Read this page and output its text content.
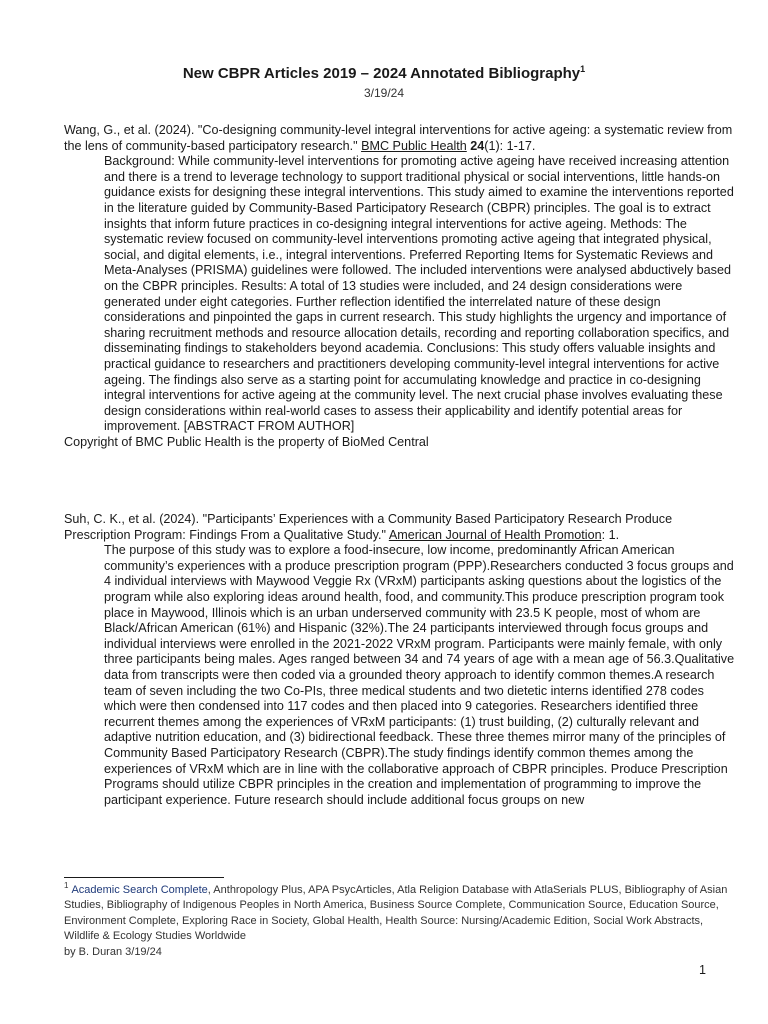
New CBPR Articles 2019 – 2024 Annotated Bibliography$^1$
3/19/24

Wang, G., et al. (2024). "Co-designing community-level integral interventions for active ageing: a systematic review from the lens of community-based participatory research." BMC Public Health 24(1): 1-17.

Background: While community-level interventions for promoting active ageing have received increasing attention and there is a trend to leverage technology to support traditional physical or social interventions, little hands-on guidance exists for designing these integral interventions. This study aimed to examine the interventions reported in the literature guided by Community-Based Participatory Research (CBPR) principles. The goal is to extract insights that inform future practices in co-designing integral interventions for active ageing. Methods: The systematic review focused on community-level interventions promoting active ageing that integrated physical, social, and digital elements, i.e., integral interventions. Preferred Reporting Items for Systematic Reviews and Meta-Analyses (PRISMA) guidelines were followed. The included interventions were analysed abductively based on the CBPR principles. Results: A total of 13 studies were included, and 24 design considerations were generated under eight categories. Further reflection identified the interrelated nature of these design considerations and pinpointed the gaps in current research. This study highlights the urgency and importance of sharing recruitment methods and resource allocation details, recording and reporting collaboration specifics, and disseminating findings to stakeholders beyond academia. Conclusions: This study offers valuable insights and practical guidance to researchers and practitioners developing community-level integral interventions for active ageing. The findings also serve as a starting point for accumulating knowledge and practice in co-designing integral interventions for active ageing at the community level. The next crucial phase involves evaluating these design considerations within real-world cases to assess their applicability and identify potential areas for improvement. [ABSTRACT FROM AUTHOR]

Copyright of BMC Public Health is the property of BioMed Central

Suh, C. K., et al. (2024). "Participants’ Experiences with a Community Based Participatory Research Produce Prescription Program: Findings From a Qualitative Study." American Journal of Health Promotion: 1.

The purpose of this study was to explore a food-insecure, low income, predominantly African American community’s experiences with a produce prescription program (PPP).Researchers conducted 3 focus groups and 4 individual interviews with Maywood Veggie Rx (VRxM) participants asking questions about the logistics of the program while also exploring ideas around health, food, and community.This produce prescription program took place in Maywood, Illinois which is an urban underserved community with 23.5 K people, most of whom are Black/African American (61%) and Hispanic (32%).The 24 participants interviewed through focus groups and individual interviews were enrolled in the 2021-2022 VRxM program. Participants were mainly female, with only three participants being males. Ages ranged between 34 and 74 years of age with a mean age of 56.3.Qualitative data from transcripts were then coded via a grounded theory approach to identify common themes.A research team of seven including the two Co-PIs, three medical students and two dietetic interns identified 278 codes which were then condensed into 117 codes and then placed into 9 categories. Researchers identified three recurrent themes among the experiences of VRxM participants: (1) trust building, (2) culturally relevant and adaptive nutrition education, and (3) bidirectional feedback. These three themes mirror many of the principles of Community Based Participatory Research (CBPR).The study findings identify common themes among the experiences of VRxM which are in line with the collaborative approach of CBPR principles. Produce Prescription Programs should utilize CBPR principles in the creation and implementation of programming to improve the participant experience. Future research should include additional focus groups on new

$^1$ Academic Search Complete, Anthropology Plus, APA PsycArticles, Atla Religion Database with AtlaSerials PLUS, Bibliography of Asian Studies, Bibliography of Indigenous Peoples in North America, Business Source Complete, Communication Source, Education Source, Environment Complete, Exploring Race in Society, Global Health, Health Source: Nursing/Academic Edition, Social Work Abstracts, Wildlife & Ecology Studies Worldwide
by B. Duran 3/19/24
1
